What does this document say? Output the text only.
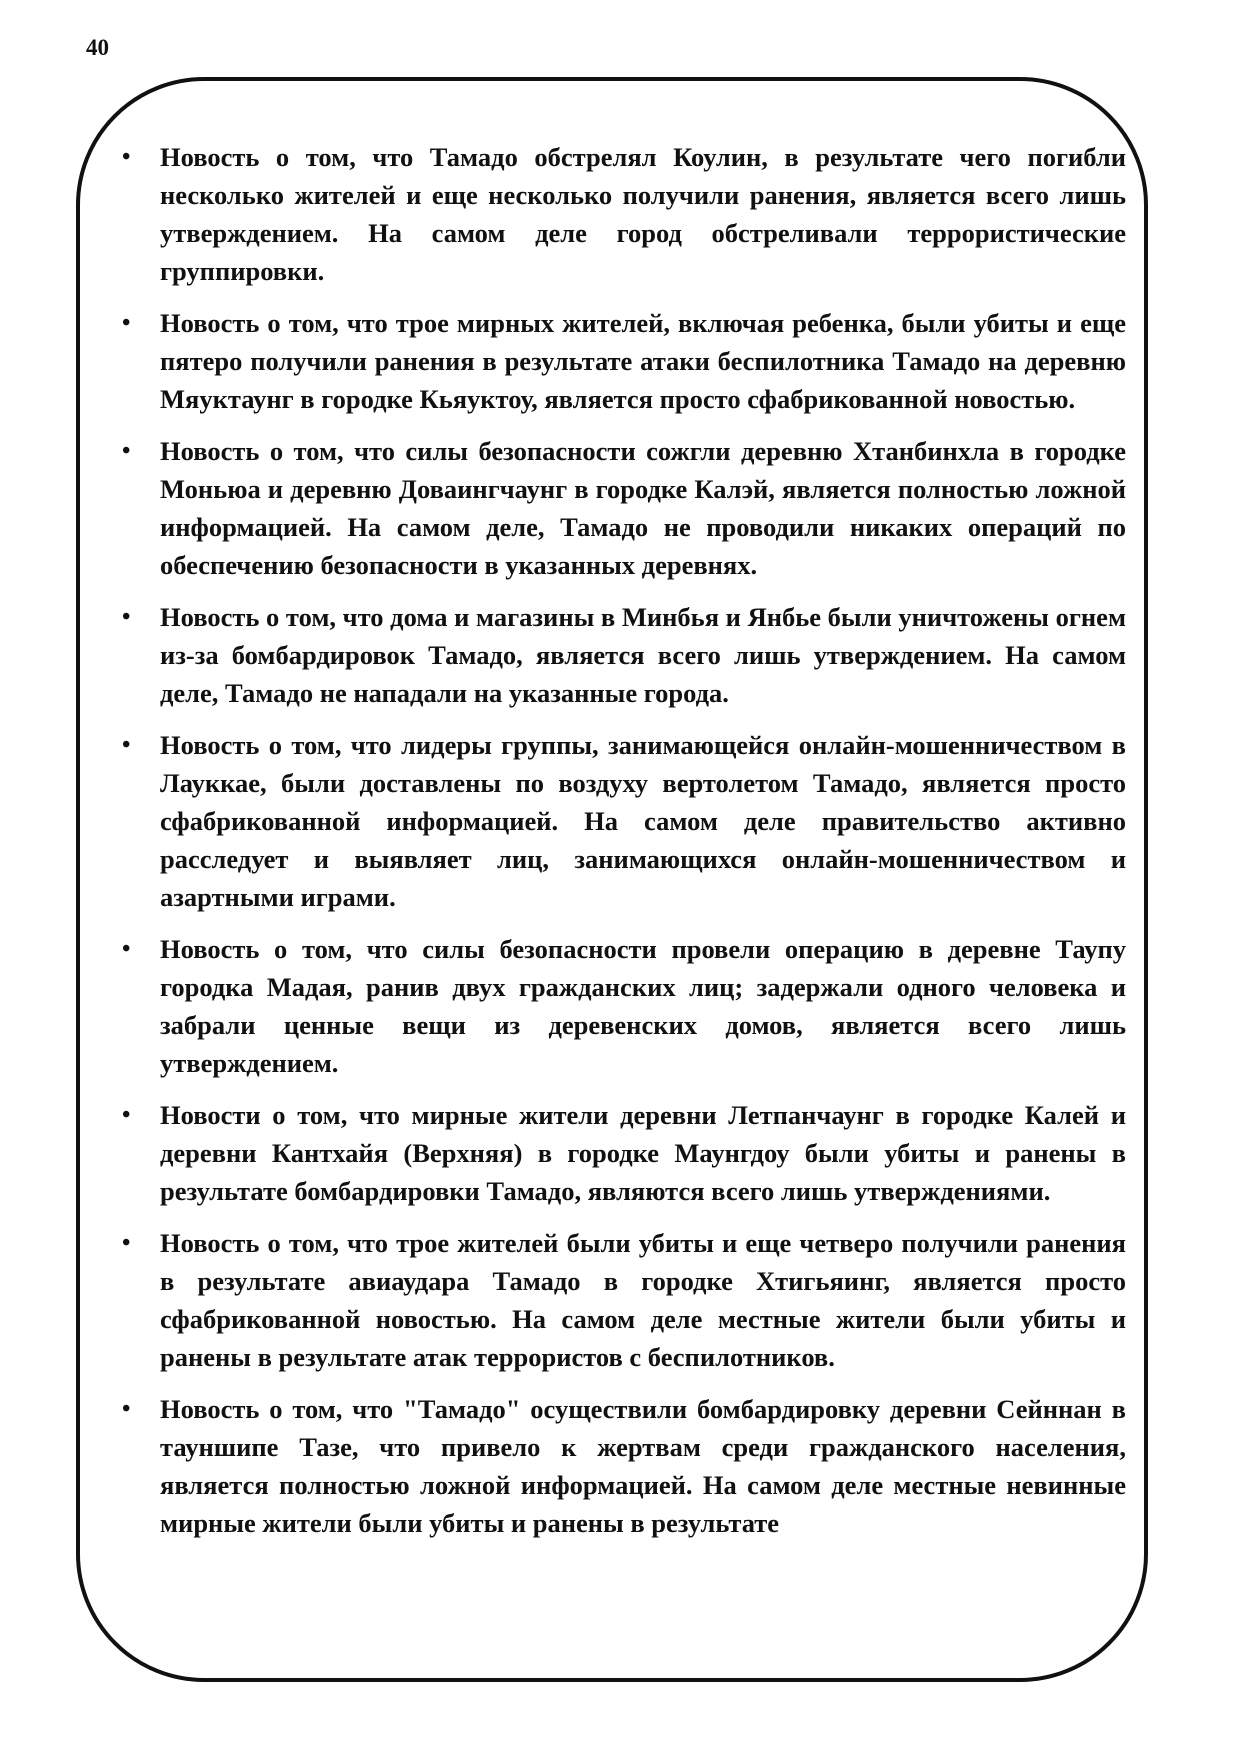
40
• Новость о том, что Тамадо обстрелял Коулин, в результате чего погибли несколько жителей и еще несколько получили ранения, является всего лишь утверждением. На самом деле город обстреливали террористические группировки.
• Новость о том, что трое мирных жителей, включая ребенка, были убиты и еще пятеро получили ранения в результате атаки беспилотника Тамадо на деревню Мяуктаунг в городке Кьяуктоу, является просто сфабрикованной новостью.
• Новость о том, что силы безопасности сожгли деревню Хтанбинхла в городке Моньюа и деревню Доваингчаунг в городке Калэй, является полностью ложной информацией. На самом деле, Тамадо не проводили никаких операций по обеспечению безопасности в указанных деревнях.
• Новость о том, что дома и магазины в Минбья и Янбье были уничтожены огнем из-за бомбардировок Тамадо, является всего лишь утверждением. На самом деле, Тамадо не нападали на указанные города.
• Новость о том, что лидеры группы, занимающейся онлайн-мошенничеством в Лауккае, были доставлены по воздуху вертолетом Тамадо, является просто сфабрикованной информацией. На самом деле правительство активно расследует и выявляет лиц, занимающихся онлайн-мошенничеством и азартными играми.
• Новость о том, что силы безопасности провели операцию в деревне Таупу городка Мадая, ранив двух гражданских лиц; задержали одного человека и забрали ценные вещи из деревенских домов, является всего лишь утверждением.
• Новости о том, что мирные жители деревни Летпанчаунг в городке Калей и деревни Кантхайя (Верхняя) в городке Маунгдоу были убиты и ранены в результате бомбардировки Тамадо, являются всего лишь утверждениями.
• Новость о том, что трое жителей были убиты и еще четверо получили ранения в результате авиаудара Тамадо в городке Хтигьяинг, является просто сфабрикованной новостью. На самом деле местные жители были убиты и ранены в результате атак террористов с беспилотников.
• Новость о том, что "Тамадо" осуществили бомбардировку деревни Сейннан в тауншипе Тазе, что привело к жертвам среди гражданского населения, является полностью ложной информацией. На самом деле местные невинные мирные жители были убиты и ранены в результате
